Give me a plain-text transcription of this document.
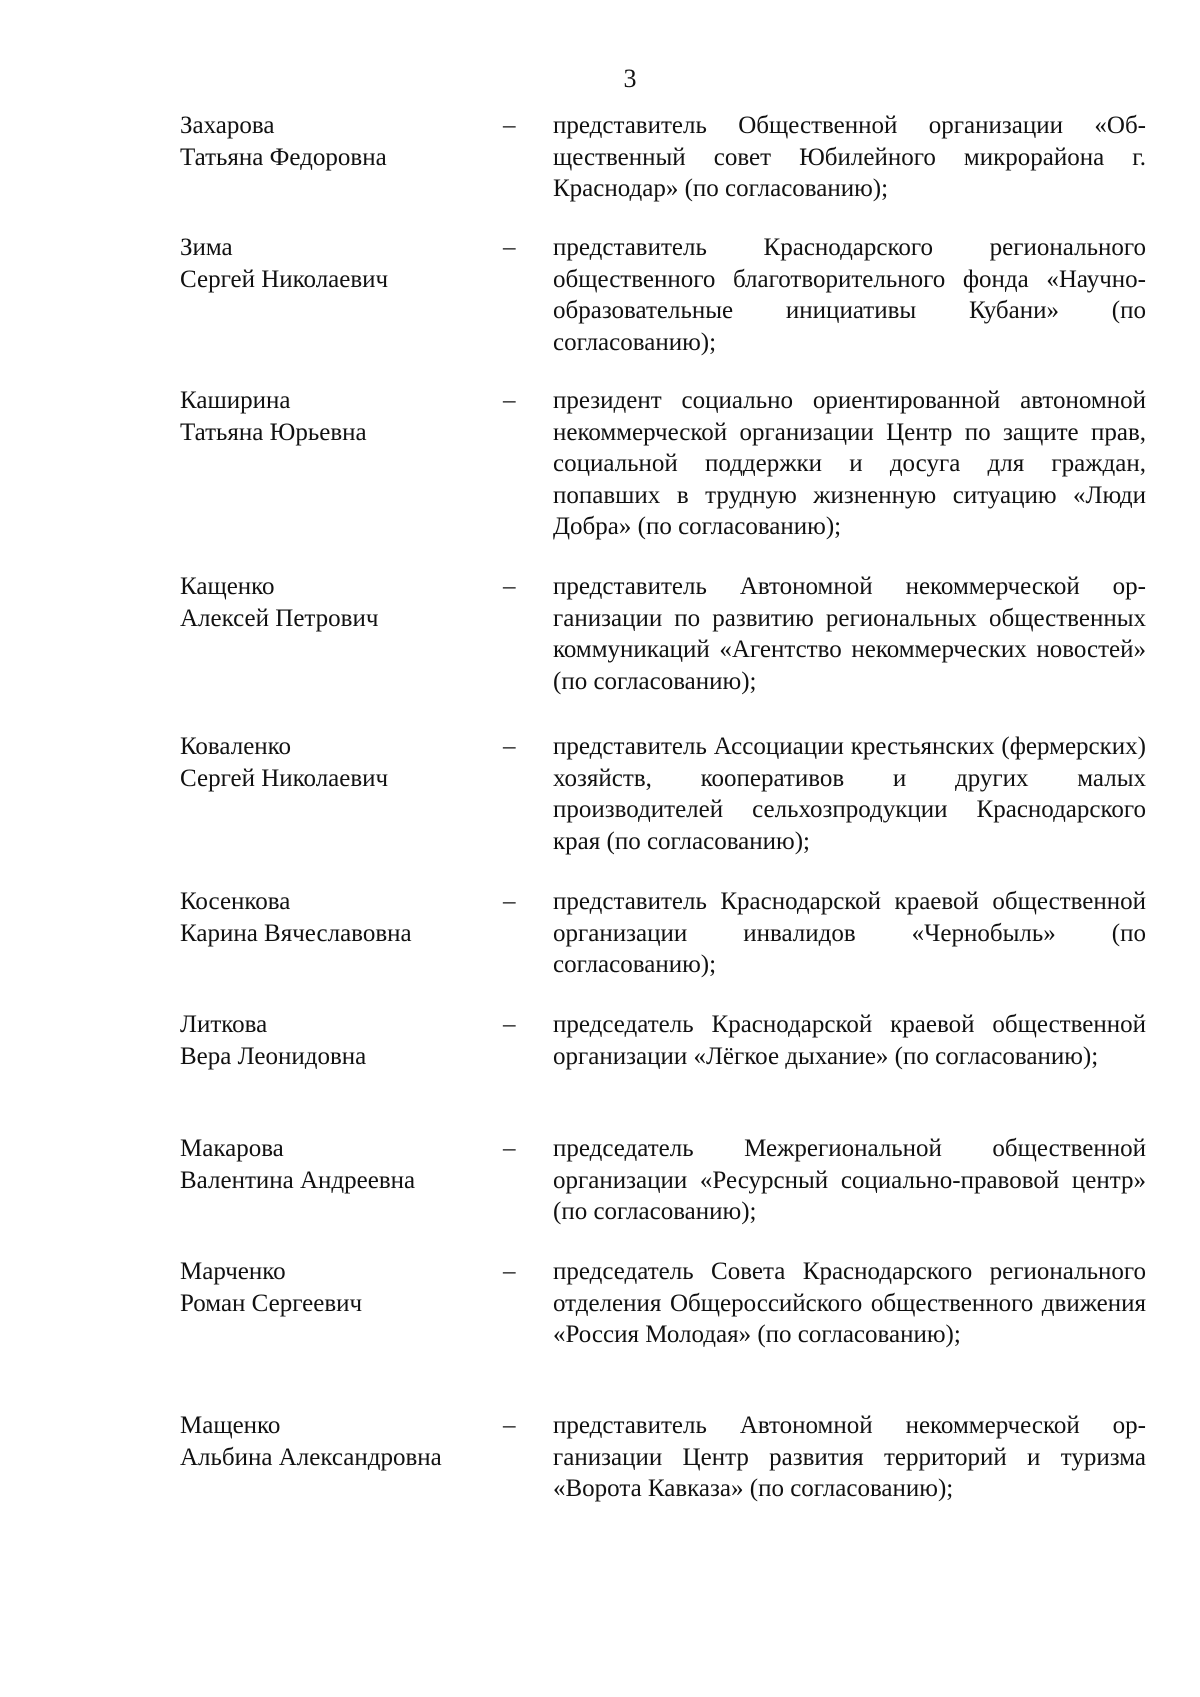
3
Захарова
Татьяна Федоровна
– представитель Общественной организации «Общественный совет Юбилейного микрорайона г. Краснодар» (по согласованию);
Зима
Сергей Николаевич
– представитель Краснодарского регионального общественного благотворительного фонда «Научно-образовательные инициативы Кубани» (по согласованию);
Каширина
Татьяна Юрьевна
– президент социально ориентированной автономной некоммерческой организации Центр по защите прав, социальной поддержки и досуга для граждан, попавших в трудную жизненную ситуацию «Люди Добра» (по согласованию);
Кащенко
Алексей Петрович
– представитель Автономной некоммерческой организации по развитию региональных общественных коммуникаций «Агентство некоммерческих новостей» (по согласованию);
Коваленко
Сергей Николаевич
– представитель Ассоциации крестьянских (фермерских) хозяйств, кооперативов и других малых производителей сельхозпродукции Краснодарского края (по согласованию);
Косенкова
Карина Вячеславовна
– представитель Краснодарской краевой общественной организации инвалидов «Чернобыль» (по согласованию);
Литкова
Вера Леонидовна
– председатель Краснодарской краевой общественной организации «Лёгкое дыхание» (по согласованию);
Макарова
Валентина Андреевна
– председатель Межрегиональной общественной организации «Ресурсный социально-правовой центр» (по согласованию);
Марченко
Роман Сергеевич
– председатель Совета Краснодарского регионального отделения Общероссийского общественного движения «Россия Молодая» (по согласованию);
Мащенко
Альбина Александровна
– представитель Автономной некоммерческой организации Центр развития территорий и туризма «Ворота Кавказа» (по согласованию);
